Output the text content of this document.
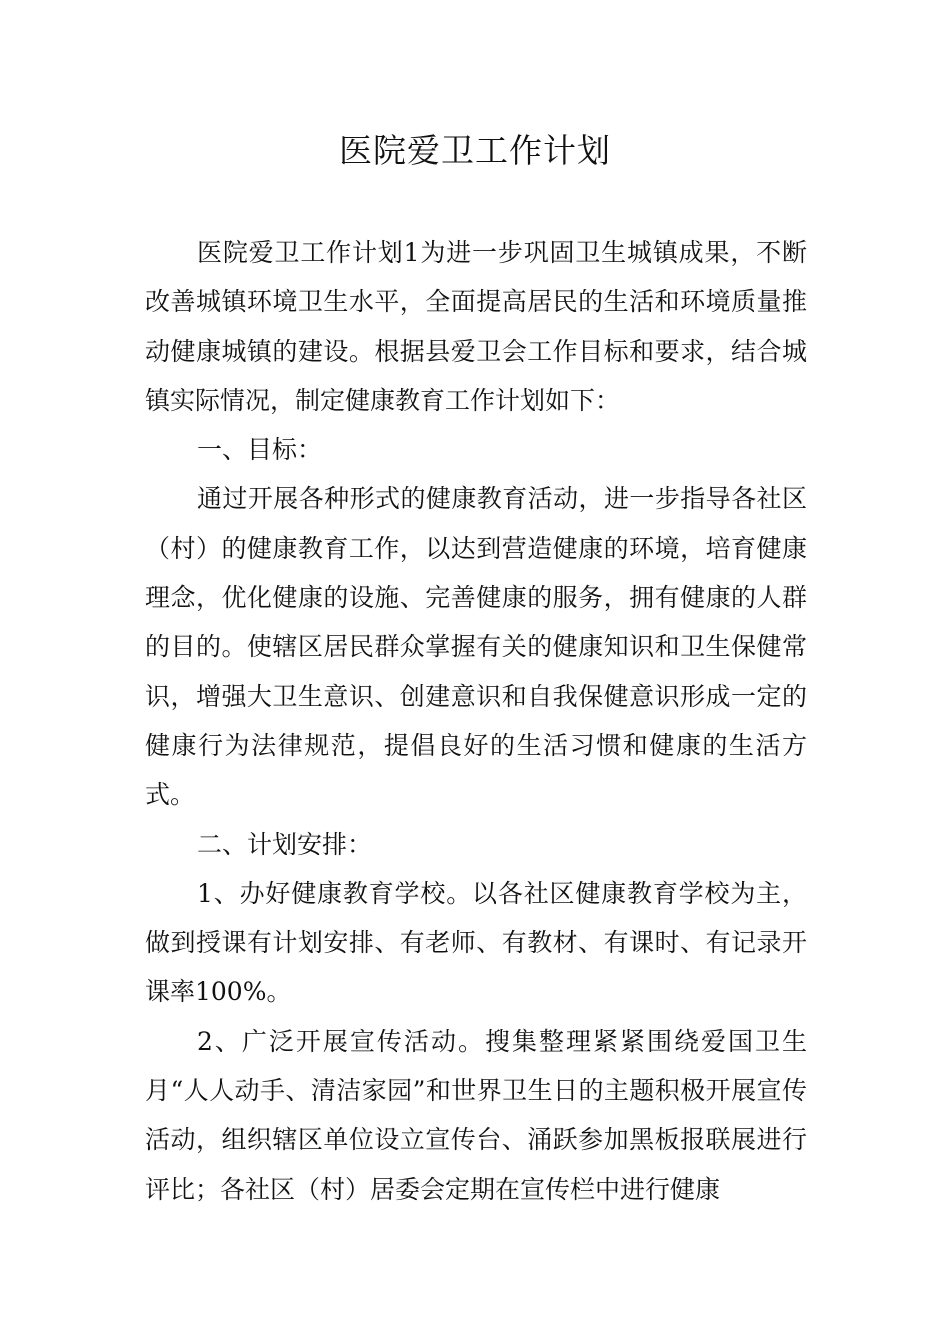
医院爱卫工作计划

医院爱卫工作计划1为进一步巩固卫生城镇成果，不断改善城镇环境卫生水平，全面提高居民的生活和环境质量推动健康城镇的建设。根据县爱卫会工作目标和要求，结合城镇实际情况，制定健康教育工作计划如下：

一、目标：

通过开展各种形式的健康教育活动，进一步指导各社区（村）的健康教育工作，以达到营造健康的环境，培育健康理念，优化健康的设施、完善健康的服务，拥有健康的人群的目的。使辖区居民群众掌握有关的健康知识和卫生保健常识，增强大卫生意识、创建意识和自我保健意识形成一定的健康行为法律规范，提倡良好的生活习惯和健康的生活方式。

二、计划安排：

1、办好健康教育学校。以各社区健康教育学校为主，做到授课有计划安排、有老师、有教材、有课时、有记录开课率100%。

2、广泛开展宣传活动。搜集整理紧紧围绕爱国卫生月“人人动手、清洁家园”和世界卫生日的主题积极开展宣传活动，组织辖区单位设立宣传台、涌跃参加黑板报联展进行评比；各社区（村）居委会定期在宣传栏中进行健康
